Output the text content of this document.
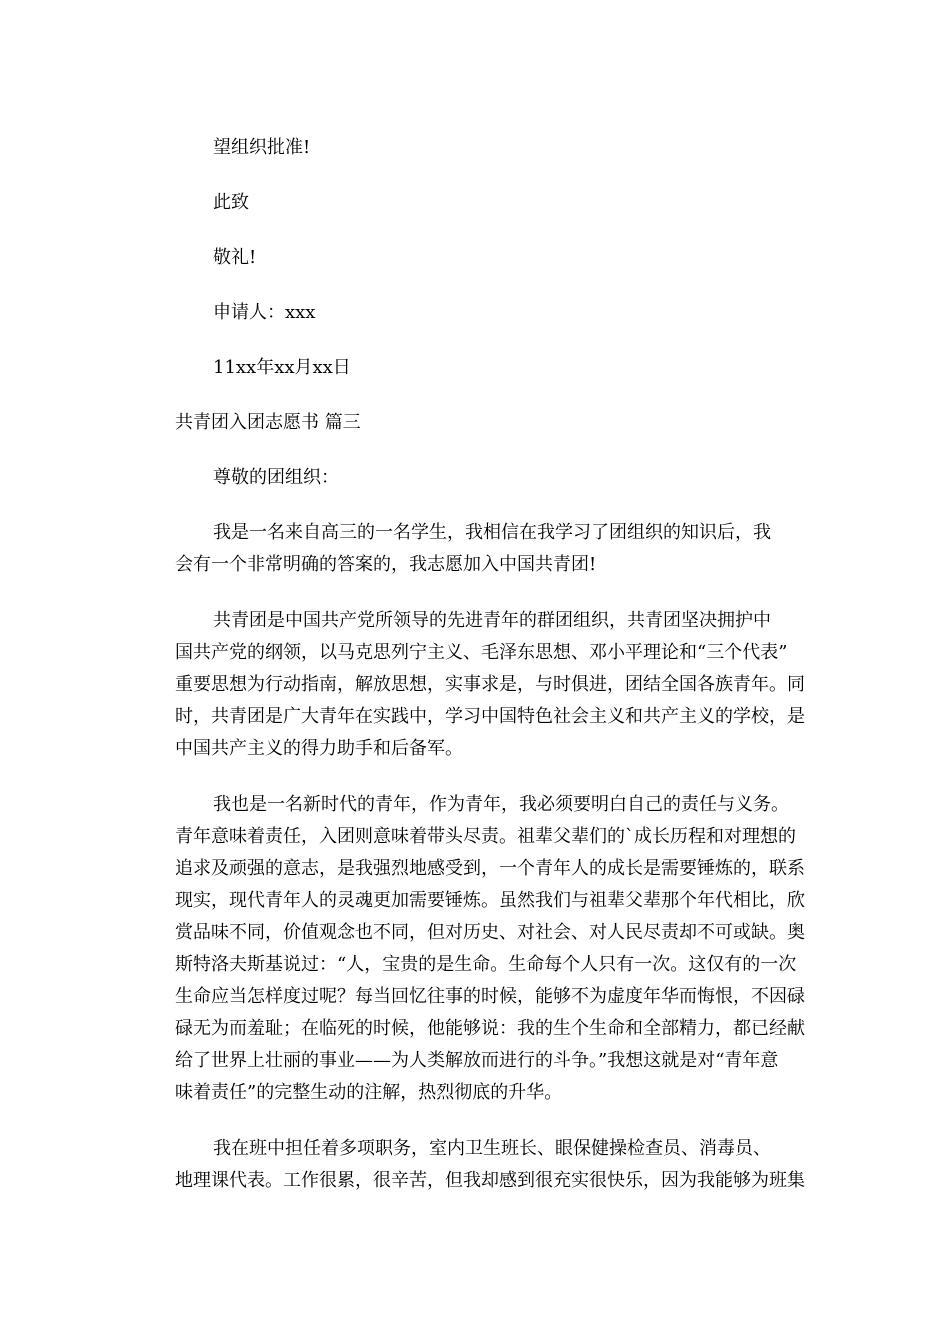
望组织批准!
此致
敬礼!
申请人：xxx
11xx年xx月xx日
共青团入团志愿书 篇三
尊敬的团组织：
我是一名来自高三的一名学生，我相信在我学习了团组织的知识后，我
会有一个非常明确的答案的，我志愿加入中国共青团!
共青团是中国共产党所领导的先进青年的群团组织，共青团坚决拥护中
国共产党的纲领，以马克思列宁主义、毛泽东思想、邓小平理论和“三个代表”
重要思想为行动指南，解放思想，实事求是，与时俱进，团结全国各族青年。同
时，共青团是广大青年在实践中，学习中国特色社会主义和共产主义的学校，是
中国共产主义的得力助手和后备军。
我也是一名新时代的青年，作为青年，我必须要明白自己的责任与义务。
青年意味着责任，入团则意味着带头尽责。祖辈父辈们的`成长历程和对理想的
追求及顽强的意志，是我强烈地感受到，一个青年人的成长是需要锤炼的，联系
现实，现代青年人的灵魂更加需要锤炼。虽然我们与祖辈父辈那个年代相比，欣
赏品味不同，价值观念也不同，但对历史、对社会、对人民尽责却不可或缺。奥
斯特洛夫斯基说过：“人，宝贵的是生命。生命每个人只有一次。这仅有的一次
生命应当怎样度过呢？每当回忆往事的时候，能够不为虚度年华而悔恨，不因碌
碌无为而羞耻；在临死的时候，他能够说：我的生个生命和全部精力，都已经献
给了世界上壮丽的事业——为人类解放而进行的斗争。”我想这就是对“青年意
味着责任”的完整生动的注解，热烈彻底的升华。
我在班中担任着多项职务，室内卫生班长、眼保健操检查员、消毒员、
地理课代表。工作很累，很辛苦，但我却感到很充实很快乐，因为我能够为班集
